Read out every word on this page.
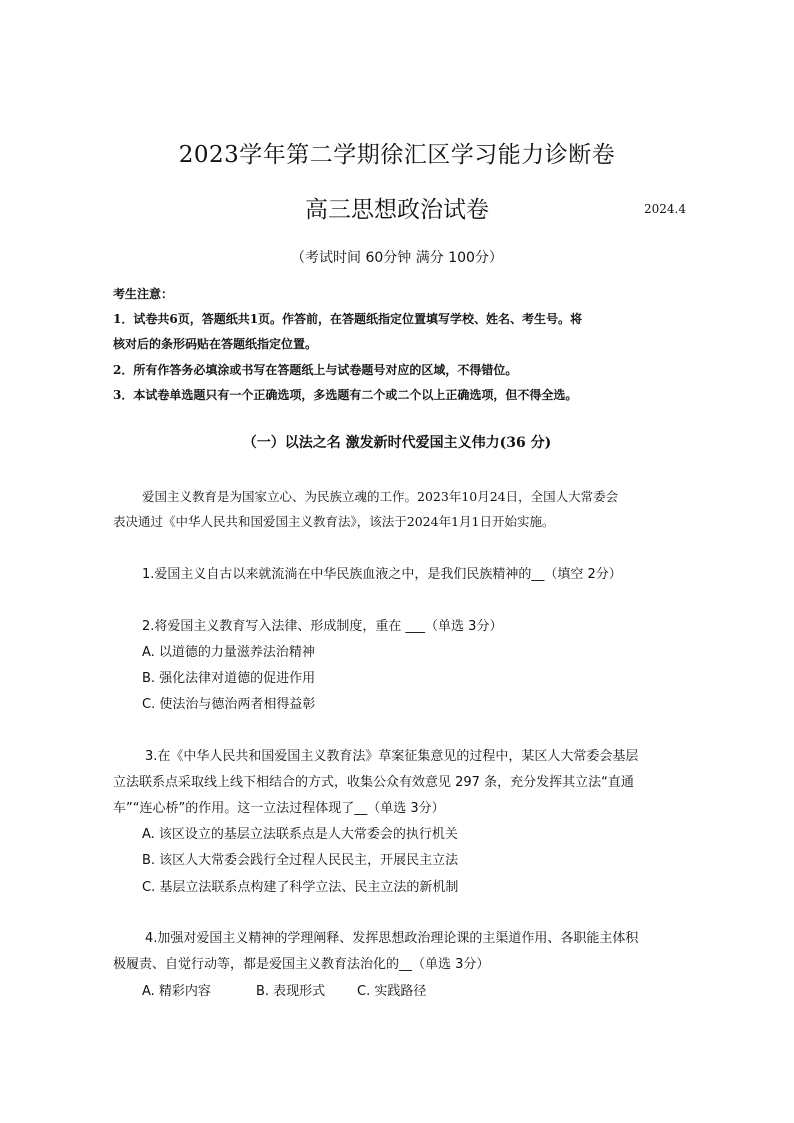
2023学年第二学期徐汇区学习能力诊断卷
高三思想政治试卷	2024.4
（考试时间 60分钟 满分 100分）
考生注意：
1．试卷共6页，答题纸共1页。作答前，在答题纸指定位置填写学校、姓名、考生号。将
核对后的条形码贴在答题纸指定位置。
2．所有作答务必填涂或书写在答题纸上与试卷题号对应的区域，不得错位。
3．本试卷单选题只有一个正确选项，多选题有二个或二个以上正确选项，但不得全选。
（一）以法之名 激发新时代爱国主义伟力(36 分)
爱国主义教育是为国家立心、为民族立魂的工作。2023年10月24日，全国人大常委会
表决通过《中华人民共和国爱国主义教育法》，该法于2024年1月1日开始实施。
1.爱国主义自古以来就流淌在中华民族血液之中，是我们民族精神的__（填空 2分）
2.将爱国主义教育写入法律、形成制度，重在 ___（单选 3分）
A. 以道德的力量滋养法治精神
B. 强化法律对道德的促进作用
C. 使法治与德治两者相得益彰
3.在《中华人民共和国爱国主义教育法》草案征集意见的过程中，某区人大常委会基层
立法联系点采取线上线下相结合的方式，收集公众有效意见 297 条，充分发挥其立法“直通
车”“连心桥”的作用。这一立法过程体现了__（单选 3分）
A. 该区设立的基层立法联系点是人大常委会的执行机关
B. 该区人大常委会践行全过程人民民主，开展民主立法
C. 基层立法联系点构建了科学立法、民主立法的新机制
4.加强对爱国主义精神的学理阐释、发挥思想政治理论课的主渠道作用、各职能主体积
极履责、自觉行动等，都是爱国主义教育法治化的__（单选 3分）
A. 精彩内容	B. 表现形式 C. 实践路径
